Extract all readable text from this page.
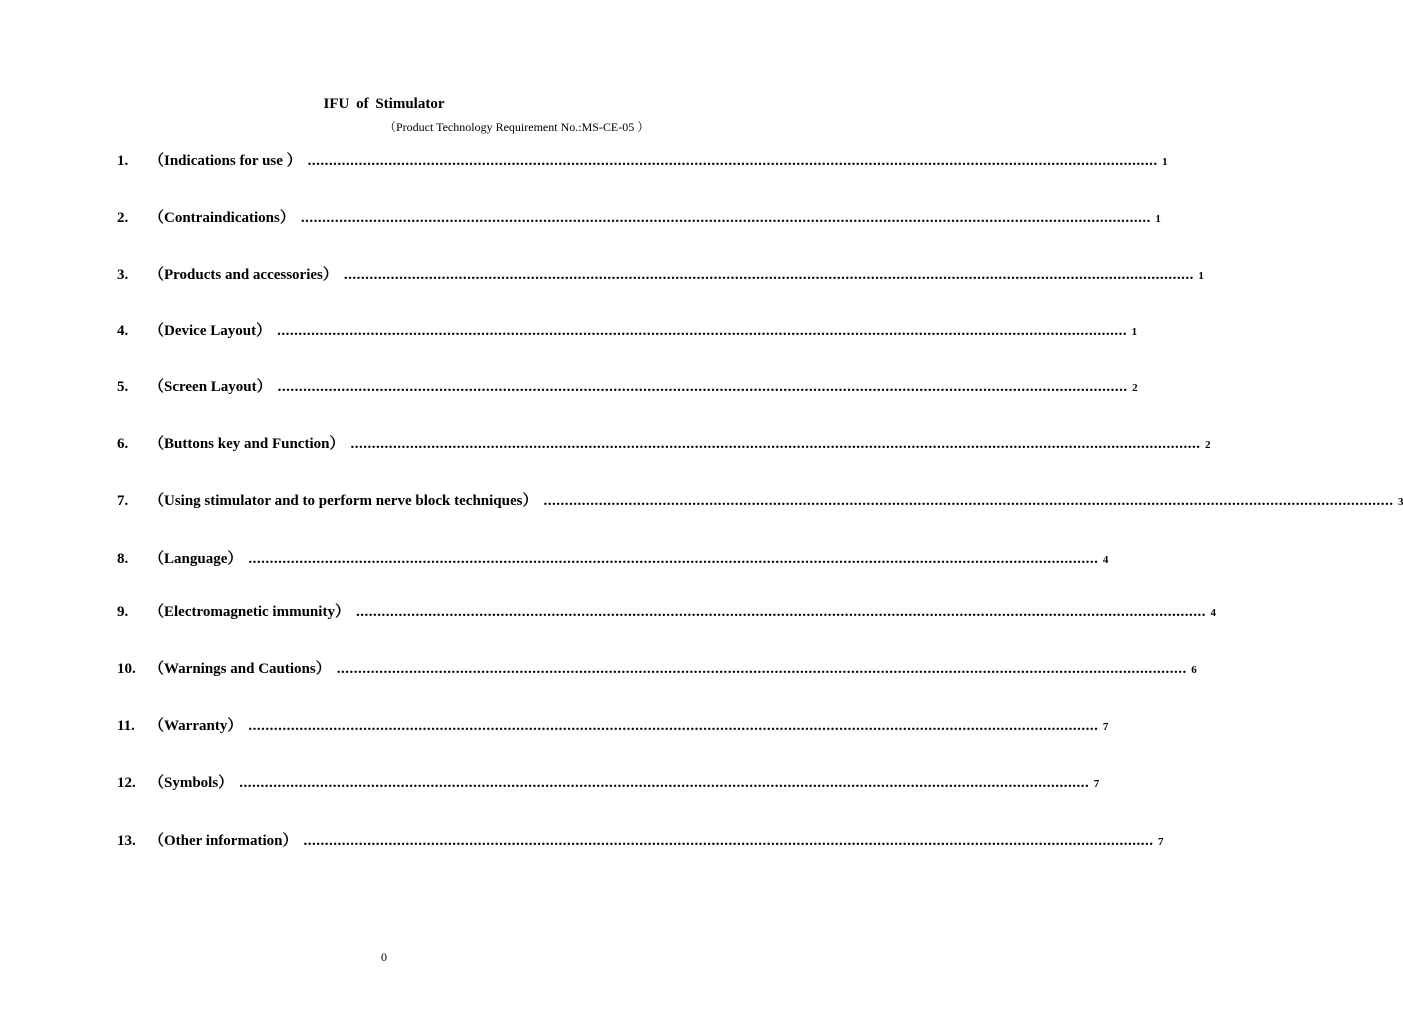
IFU of Stimulator
（Product Technology Requirement No.:MS-CE-05 ）
1.	（Indications for use ） ........................................................................................................................................................................................................ 1
2.	（Contraindications） ........................................................................................................................................................................................................ 1
3.	（Products and accessories） ........................................................................................................................................................................................................ 1
4.	（Device Layout） ........................................................................................................................................................................................................ 1
5.	（Screen Layout） ........................................................................................................................................................................................................ 2
6.	（Buttons key and Function） ........................................................................................................................................................................................................ 2
7.	（Using stimulator and to perform nerve block techniques） ........................................................................................................................................................................................................ 3
8.	（Language） ........................................................................................................................................................................................................ 4
9.	（Electromagnetic immunity） ........................................................................................................................................................................................................ 4
10. （Warnings and Cautions） ........................................................................................................................................................................................................ 6
11. （Warranty） ........................................................................................................................................................................................................ 7
12. （Symbols） ........................................................................................................................................................................................................ 7
13. （Other information） ........................................................................................................................................................................................................ 7
0
